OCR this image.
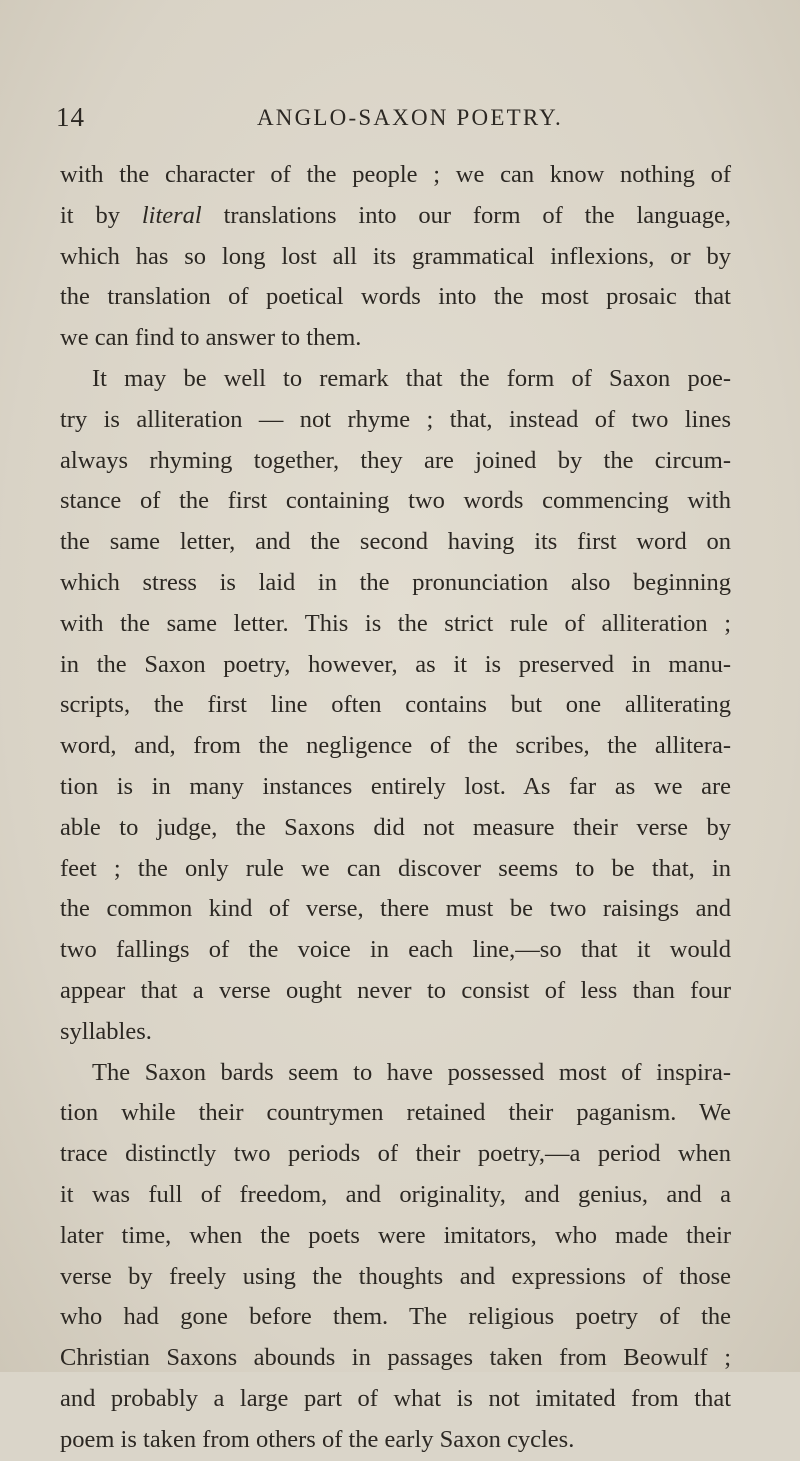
14	ANGLO-SAXON POETRY.
with the character of the people ; we can know nothing of
it by literal translations into our form of the language,
which has so long lost all its grammatical inflexions, or by
the translation of poetical words into the most prosaic that
we can find to answer to them.
It may be well to remark that the form of Saxon poe-
try is alliteration — not rhyme ; that, instead of two lines
always rhyming together, they are joined by the circum-
stance of the first containing two words commencing with
the same letter, and the second having its first word on
which stress is laid in the pronunciation also beginning
with the same letter. This is the strict rule of alliteration ;
in the Saxon poetry, however, as it is preserved in manu-
scripts, the first line often contains but one alliterating
word, and, from the negligence of the scribes, the allitera-
tion is in many instances entirely lost. As far as we are
able to judge, the Saxons did not measure their verse by
feet ; the only rule we can discover seems to be that, in
the common kind of verse, there must be two raisings and
two fallings of the voice in each line,—so that it would
appear that a verse ought never to consist of less than four
syllables.
The Saxon bards seem to have possessed most of inspira-
tion while their countrymen retained their paganism. We
trace distinctly two periods of their poetry,—a period when
it was full of freedom, and originality, and genius, and a
later time, when the poets were imitators, who made their
verse by freely using the thoughts and expressions of those
who had gone before them. The religious poetry of the
Christian Saxons abounds in passages taken from Beowulf ;
and probably a large part of what is not imitated from that
poem is taken from others of the early Saxon cycles.
